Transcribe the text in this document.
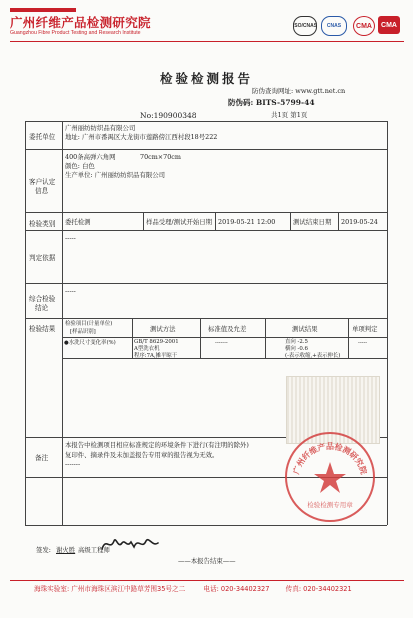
广州纤维产品检测研究院
Guangzhou Fibre Product Testing and Research Institute
ISO/CNAS	CNAS	CMA	CMA
检验检测报告
防伪查询网址: www.gtt.net.cn
防伪码: BITS-5799-44
No:190900348	共1页 第1页
委托单位
广州丽纺纺织品有限公司
地址: 广州市番禺区大龙街市莲路傍江西村段18号222
客户认定
信息
400条高弹六角网	70cm×70cm
颜色: 白色
生产单位: 广州丽纺纺织品有限公司
检验类别 委托检测	样品受理/测试开始日期 2019-05-21 12:00	测试结束日期 2019-05-24
判定依据
-----
综合检验
结论
-----
检验结果
检验项目(计量单位)
[样品识别]	测试方法	标准值及允差	测试结果	单项判定
●水洗尺寸变化率(%)	GB/T 8629-2001
A型洗衣机
程序:7A,摊平晾干
-------	直向 -2.5
横向 -0.6
(-表示收缩,+表示伸长)
-----
备注
本报告中检测项目相应标准规定的环境条件下进行(有注明的除外)
复印件、摘录件及未加盖报告专用章的报告视为无效。
-------
广州纤维产品检测研究院
检验检测专用章
签发: 谢火胜 高级工程师
——本报告结束——
海珠实验室: 广州市海珠区滨江中路草芳围35号之二	电话: 020-34402327 传真: 020-34402321
